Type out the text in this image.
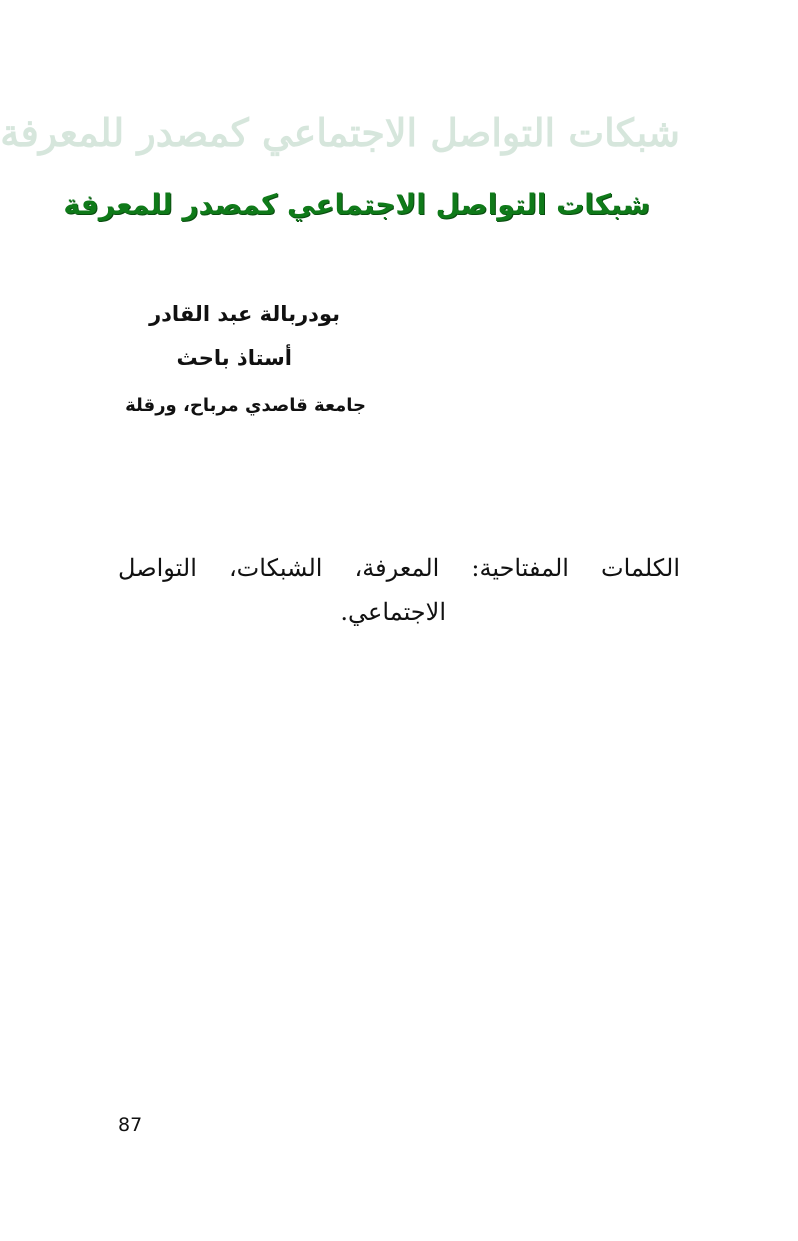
شبكات التواصل الاجتماعي كمصدر للمعرفة
شبكات التواصل الاجتماعي كمصدر للمعرفة
بودربالة عبد القادر
أستاذ باحث
جامعة قاصدي مرباح، ورقلة
الكلمات
المفتاحية:
المعرفة،
الشبكات،
التواصل
الاجتماعي.
87
